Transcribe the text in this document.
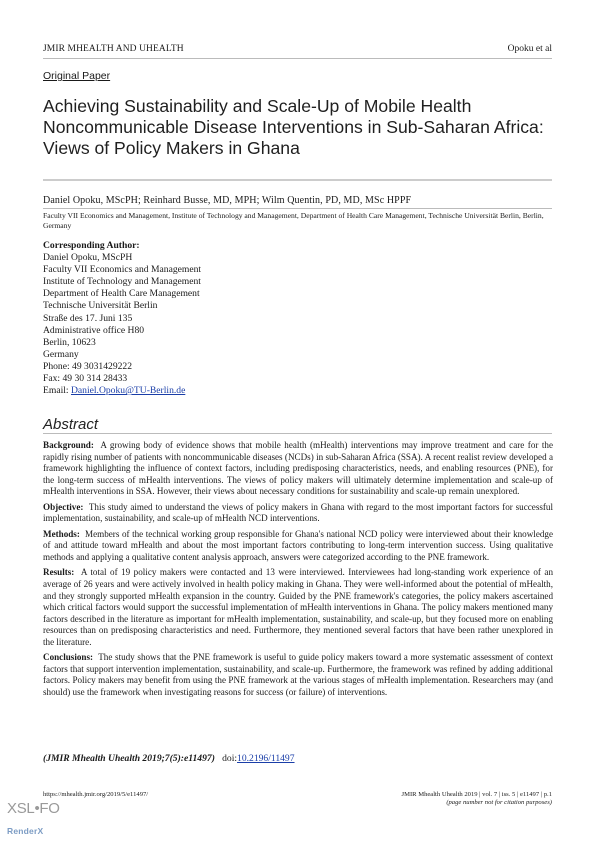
JMIR MHEALTH AND UHEALTH	Opoku et al
Original Paper
Achieving Sustainability and Scale-Up of Mobile Health Noncommunicable Disease Interventions in Sub-Saharan Africa: Views of Policy Makers in Ghana
Daniel Opoku, MScPH; Reinhard Busse, MD, MPH; Wilm Quentin, PD, MD, MSc HPPF
Faculty VII Economics and Management, Institute of Technology and Management, Department of Health Care Management, Technische Universität Berlin, Berlin, Germany
Corresponding Author:
Daniel Opoku, MScPH
Faculty VII Economics and Management
Institute of Technology and Management
Department of Health Care Management
Technische Universität Berlin
Straße des 17. Juni 135
Administrative office H80
Berlin, 10623
Germany
Phone: 49 3031429222
Fax: 49 30 314 28433
Email: Daniel.Opoku@TU-Berlin.de
Abstract

Background: A growing body of evidence shows that mobile health (mHealth) interventions may improve treatment and care for the rapidly rising number of patients with noncommunicable diseases (NCDs) in sub-Saharan Africa (SSA). A recent realist review developed a framework highlighting the influence of context factors, including predisposing characteristics, needs, and enabling resources (PNE), for the long-term success of mHealth interventions. The views of policy makers will ultimately determine implementation and scale-up of mHealth interventions in SSA. However, their views about necessary conditions for sustainability and scale-up remain unexplored.

Objective: This study aimed to understand the views of policy makers in Ghana with regard to the most important factors for successful implementation, sustainability, and scale-up of mHealth NCD interventions.

Methods: Members of the technical working group responsible for Ghana's national NCD policy were interviewed about their knowledge of and attitude toward mHealth and about the most important factors contributing to long-term intervention success. Using qualitative methods and applying a qualitative content analysis approach, answers were categorized according to the PNE framework.

Results: A total of 19 policy makers were contacted and 13 were interviewed. Interviewees had long-standing work experience of an average of 26 years and were actively involved in health policy making in Ghana. They were well-informed about the potential of mHealth, and they strongly supported mHealth expansion in the country. Guided by the PNE framework's categories, the policy makers ascertained which critical factors would support the successful implementation of mHealth interventions in Ghana. The policy makers mentioned many factors described in the literature as important for mHealth implementation, sustainability, and scale-up, but they focused more on enabling resources than on predisposing characteristics and need. Furthermore, they mentioned several factors that have been rather unexplored in the literature.

Conclusions: The study shows that the PNE framework is useful to guide policy makers toward a more systematic assessment of context factors that support intervention implementation, sustainability, and scale-up. Furthermore, the framework was refined by adding additional factors. Policy makers may benefit from using the PNE framework at the various stages of mHealth implementation. Researchers may (and should) use the framework when investigating reasons for success (or failure) of interventions.

(JMIR Mhealth Uhealth 2019;7(5):e11497) doi:10.2196/11497
https://mhealth.jmir.org/2019/5/e11497/	JMIR Mhealth Uhealth 2019 | vol. 7 | iss. 5 | e11497 | p.1
(page number not for citation purposes)
XSL•FO
RenderX
